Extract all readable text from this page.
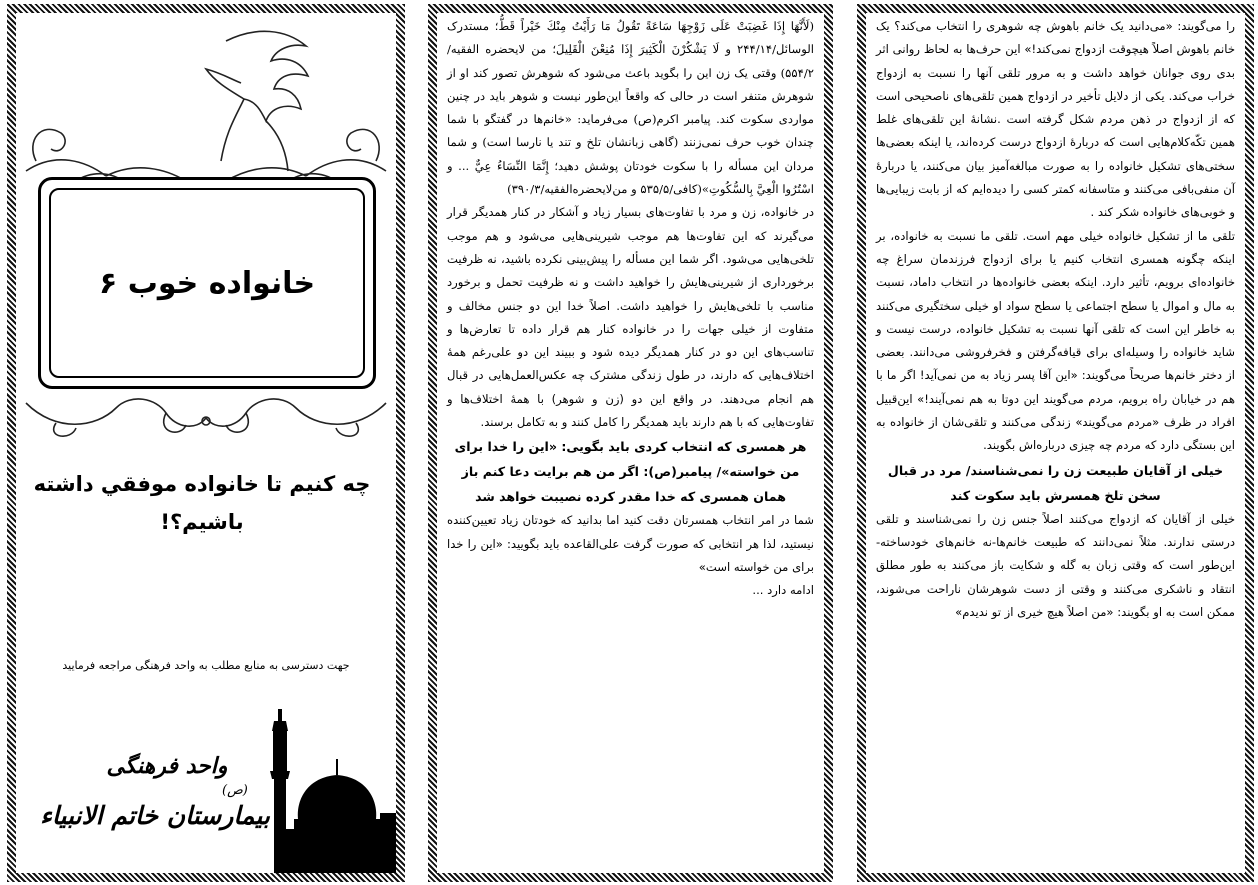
خانواده خوب ۶
چه کنیم تا خانواده موفقي داشته باشیم؟!
جهت دسترسی به منابع مطلب به واحد فرهنگی مراجعه فرمایید
واحد فرهنگی
(ص)
بیمارستان خاتم الانبیاء

(لَأَنَّهَا إِذَا غَضِبَتْ عَلَى زَوْجِهَا سَاعَةً تَقُولُ مَا رَأَيْتُ مِنْكَ خَيْراً قَطُّ؛ مستدرک الوسائل/۲۴۴/۱۴ و لَا يَشْكُرْنَ الْكَثِيرَ إِذَا مُنِعْنَ الْقَلِيلَ؛ من لايحضره الفقيه/۵۵۴/۲) وقتی یک زن این را بگوید باعث می‌شود که شوهرش تصور کند او از شوهرش متنفر است در حالی که واقعاً این‌طور نیست و شوهر باید در چنین مواردی سکوت کند. پیامبر اکرم(ص) می‌فرماید: «خانم‌ها در گفتگو با شما چندان خوب حرف نمی‌زنند (گاهی زبانشان تلخ و تند یا نارسا است) و شما مردان این مسأله را با سکوت خودتان پوشش دهید؛ إِنَّمَا النِّسَاءُ عِيٌّ ... و اسْتُرُوا الْعِيَّ بِالسُّكُوتِ»(کافی/۵۳۵/۵ و من‌لایحضره‌الفقیه/۳۹۰/۳)

در خانواده، زن و مرد با تفاوت‌های بسیار زیاد و آشکار در کنار همدیگر قرار می‌گیرند که این تفاوت‌ها هم موجب شیرینی‌هایی می‌شود و هم موجب تلخی‌هایی می‌شود. اگر شما این مسأله را پیش‌بینی نکرده باشید، نه ظرفیت برخورداری از شیرینی‌هایش را خواهید داشت و نه ظرفیت تحمل و برخورد مناسب با تلخی‌هایش را خواهید داشت. اصلاً خدا این دو جنس مخالف و متفاوت از خیلی جهات را در خانواده کنار هم قرار داده تا تعارض‌ها و تناسب‌های این دو در کنار همدیگر دیده شود و ببیند این دو علی‌رغم همهٔ اختلاف‌هایی که دارند، در طول زندگی مشترک چه عکس‌العمل‌هایی در قبال هم انجام می‌دهند. در واقع این دو (زن و شوهر) با همهٔ اختلاف‌ها و تفاوت‌هایی که با هم دارند باید همدیگر را کامل کنند و به تکامل برسند.

هر همسری که انتخاب کردی باید بگویی: «این را خدا برای من خواسته»/ پیامبر(ص): اگر من هم برایت دعا کنم باز همان همسری که خدا مقدر کرده نصیبت خواهد شد

شما در امر انتخاب همسرتان دقت کنید اما بدانید که خودتان زیاد تعیین‌کننده نیستید، لذا هر انتخابی که صورت گرفت علی‌القاعده باید بگویید: «این را خدا برای من خواسته است»

ادامه دارد ...

را می‌گویند: «می‌دانید یک خانم باهوش چه شوهری را انتخاب می‌کند؟ یک خانم باهوش اصلاً هیچوقت ازدواج نمی‌کند!» این حرف‌ها به لحاظ روانی اثر بدی روی جوانان خواهد داشت و به مرور تلقی آنها را نسبت به ازدواج خراب می‌کند. یکی از دلایل تأخیر در ازدواج همین تلقی‌های ناصحیحی است که از ازدواج در ذهن مردم شکل گرفته است .نشانهٔ این تلقی‌های غلط همین تکّه‌کلام‌هایی است که دربارهٔ ازدواج درست کرده‌اند، یا اینکه بعضی‌ها سختی‌های تشکیل خانواده را به صورت مبالغه‌آمیز بیان می‌کنند، یا دربارهٔ آن منفی‌بافی می‌کنند و متاسفانه کمتر کسی را دیده‌ایم که از بابت زیبایی‌ها و خوبی‌های خانواده شکر کند .

تلقی ما از تشکیل خانواده خیلی مهم است. تلقی ما نسبت به خانواده، بر اینکه چگونه همسری انتخاب کنیم یا برای ازدواج فرزندمان سراغ چه خانواده‌ای برویم، تأثیر دارد. اینکه بعضی خانواده‌ها در انتخاب داماد، نسبت به مال و اموال یا سطح اجتماعی یا سطح سواد او خیلی سختگیری می‌کنند به خاطر این است که تلقی آنها نسبت به تشکیل خانواده، درست نیست و شاید خانواده را وسیله‌ای برای قیافه‌گرفتن و فخرفروشی می‌دانند. بعضی از دختر خانم‌ها صریحاً می‌گویند: «این آقا پسر زیاد به من نمی‌آید! اگر ما با هم در خیابان راه برویم، مردم می‌گویند این دوتا به هم نمی‌آیند!» این‌قبیل افراد در ظرف «مردم می‌گویند» زندگی می‌کنند و تلقی‌شان از خانواده به این بستگی دارد که مردم چه چیزی درباره‌اش بگویند.

خیلی از آقایان طبیعت زن را نمی‌شناسند/ مرد در قبال سخن تلخ همسرش باید سکوت کند

خیلی از آقایان که ازدواج می‌کنند اصلاً جنس زن را نمی‌شناسند و تلقی درستی ندارند. مثلاً نمی‌دانند که طبیعت خانم‌ها-نه خانم‌های خودساخته- این‌طور است که وقتی زبان به گله و شکایت باز می‌کنند به طور مطلق انتقاد و ناشکری می‌کنند و وقتی از دست شوهرشان ناراحت می‌شوند، ممکن است به او بگویند: «من اصلاً هیچ خیری از تو ندیدم»
